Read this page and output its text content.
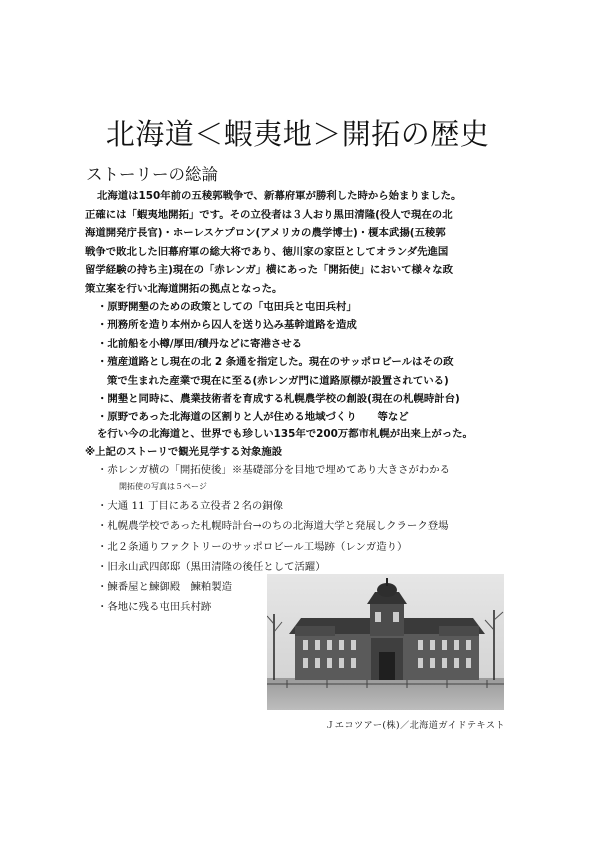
北海道＜蝦夷地＞開拓の歴史
ストーリーの総論
北海道は150年前の五稜郭戦争で、新幕府軍が勝利した時から始まりました。
正確には「蝦夷地開拓」です。その立役者は３人おり黒田清隆(役人で現在の北
海道開発庁長官)・ホーレスケプロン(アメリカの農学博士)・榎本武揚(五稜郭
戦争で敗北した旧幕府軍の総大将であり、徳川家の家臣としてオランダ先進国
留学経験の持ち主)現在の「赤レンガ」横にあった「開拓使」において様々な政
策立案を行い北海道開拓の拠点となった。
・原野開墾のための政策としての「屯田兵と屯田兵村」
・刑務所を造り本州から囚人を送り込み基幹道路を造成
・北前船を小樽/厚田/積丹などに寄港させる
・殖産道路とし現在の北 2 条通を指定した。現在のサッポロビールはその政
策で生まれた産業で現在に至る(赤レンガ門に道路原標が設置されている)
・開墾と同時に、農業技術者を育成する札幌農学校の創設(現在の札幌時計台)
・原野であった北海道の区割りと人が住める地域づくり　　等など
を行い今の北海道と、世界でも珍しい135年で200万都市札幌が出来上がった。
※上記のストーリで観光見学する対象施設
・赤レンガ横の「開拓使後」※基礎部分を目地で埋めてあり大きさがわかる
開拓使の写真は５ページ
・大通 11 丁目にある立役者２名の銅像
・札幌農学校であった札幌時計台→のちの北海道大学と発展しクラーク登場
・北２条通りファクトリーのサッポロビール工場跡（レンガ造り）
・旧永山武四郎邸（黒田清隆の後任として活躍）
・鰊番屋と鰊御殿　鰊粕製造
・各地に残る屯田兵村跡
Ｊエコツアー(株)／北海道ガイドテキスト
